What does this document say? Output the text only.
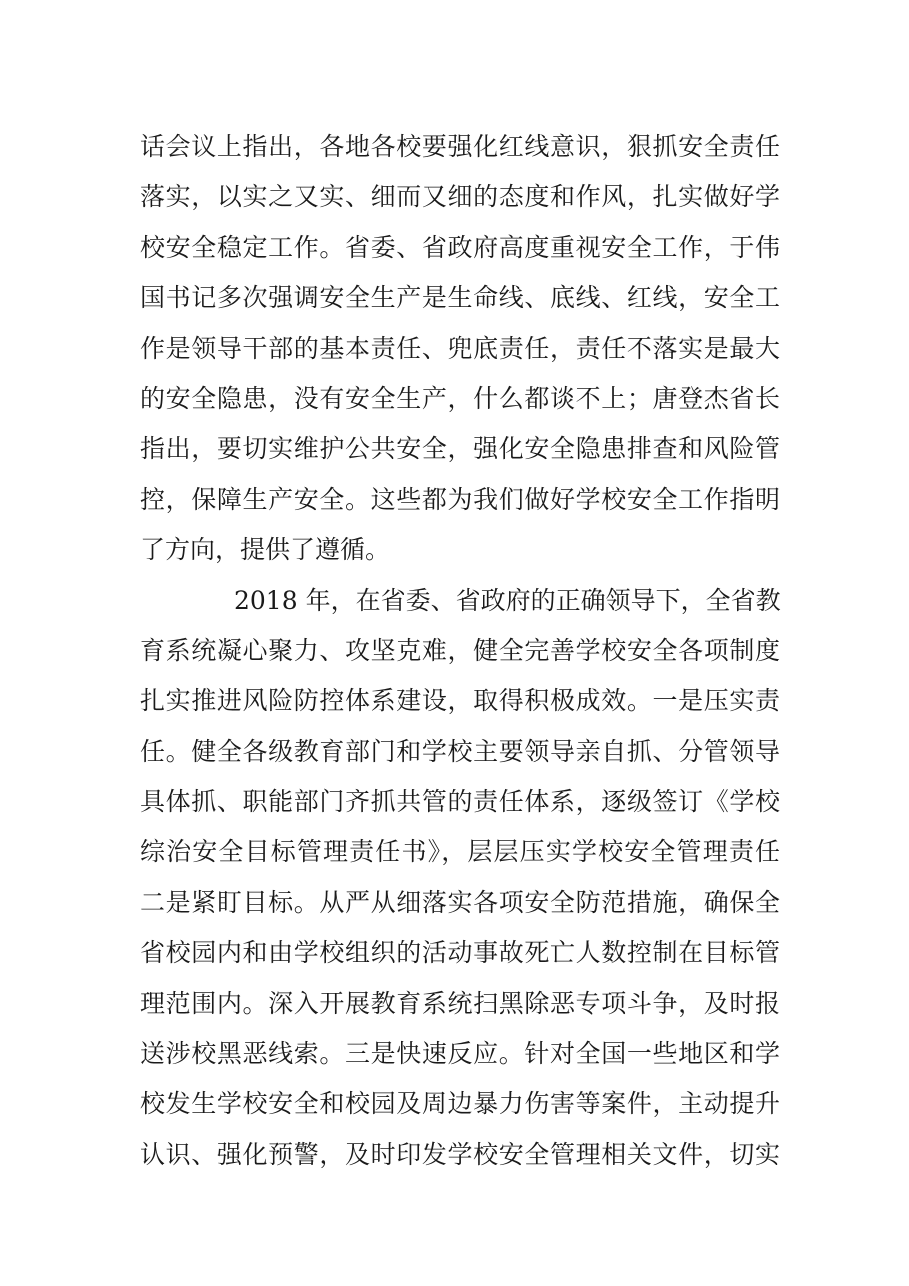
话会议上指出，各地各校要强化红线意识，狠抓安全责任
落实，以实之又实、细而又细的态度和作风，扎实做好学
校安全稳定工作。省委、省政府高度重视安全工作，于伟
国书记多次强调安全生产是生命线、底线、红线，安全工
作是领导干部的基本责任、兜底责任，责任不落实是最大
的安全隐患，没有安全生产，什么都谈不上；唐登杰省长
指出，要切实维护公共安全，强化安全隐患排查和风险管
控，保障生产安全。这些都为我们做好学校安全工作指明
了方向，提供了遵循。
2018 年，在省委、省政府的正确领导下，全省教
育系统凝心聚力、攻坚克难，健全完善学校安全各项制度
扎实推进风险防控体系建设，取得积极成效。一是压实责
任。健全各级教育部门和学校主要领导亲自抓、分管领导
具体抓、职能部门齐抓共管的责任体系，逐级签订《学校
综治安全目标管理责任书》，层层压实学校安全管理责任
二是紧盯目标。从严从细落实各项安全防范措施，确保全
省校园内和由学校组织的活动事故死亡人数控制在目标管
理范围内。深入开展教育系统扫黑除恶专项斗争，及时报
送涉校黑恶线索。三是快速反应。针对全国一些地区和学
校发生学校安全和校园及周边暴力伤害等案件，主动提升
认识、强化预警，及时印发学校安全管理相关文件，切实
